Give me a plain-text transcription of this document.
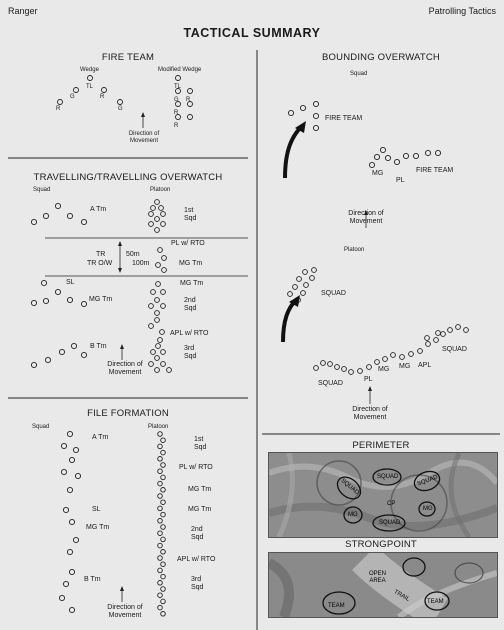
Ranger	Patrolling Tactics
TACTICAL SUMMARY
FIRE TEAM
Wedge	Modified Wedge
TL
G	R
R	G
TL
G R
R
R
Direction of
Movement
TRAVELLING/TRAVELLING OVERWATCH
Squad	Platoon
A Tm	1st
Sqd
PL w/ RTO
TR	50m
TR O/W	100m	MG Tm
SL	MG Tm
MG Tm	2nd
Sqd
APL w/ RTO
B Tm	3rd
Sqd
Direction of
Movement
FILE FORMATION
Squad	Platoon
A Tm	1st
Sqd
PL w/ RTO
MG Tm
SL	MG Tm
MG Tm	2nd
Sqd
APL w/ RTO
B Tm	3rd
Sqd
Direction of
Movement
BOUNDING OVERWATCH
Squad
FIRE TEAM
MG
PL
FIRE TEAM
Direction of
Movement
Platoon
SQUAD
SQUAD
PL
MG MG APL
SQUAD
Direction of
Movement
PERIMETER
SQUAD
SQUAD	SQUAD
MG
SQUAD
MG
CP
STRONGPOINT
OPEN
AREA
TRAIL
TEAM
TEAM
